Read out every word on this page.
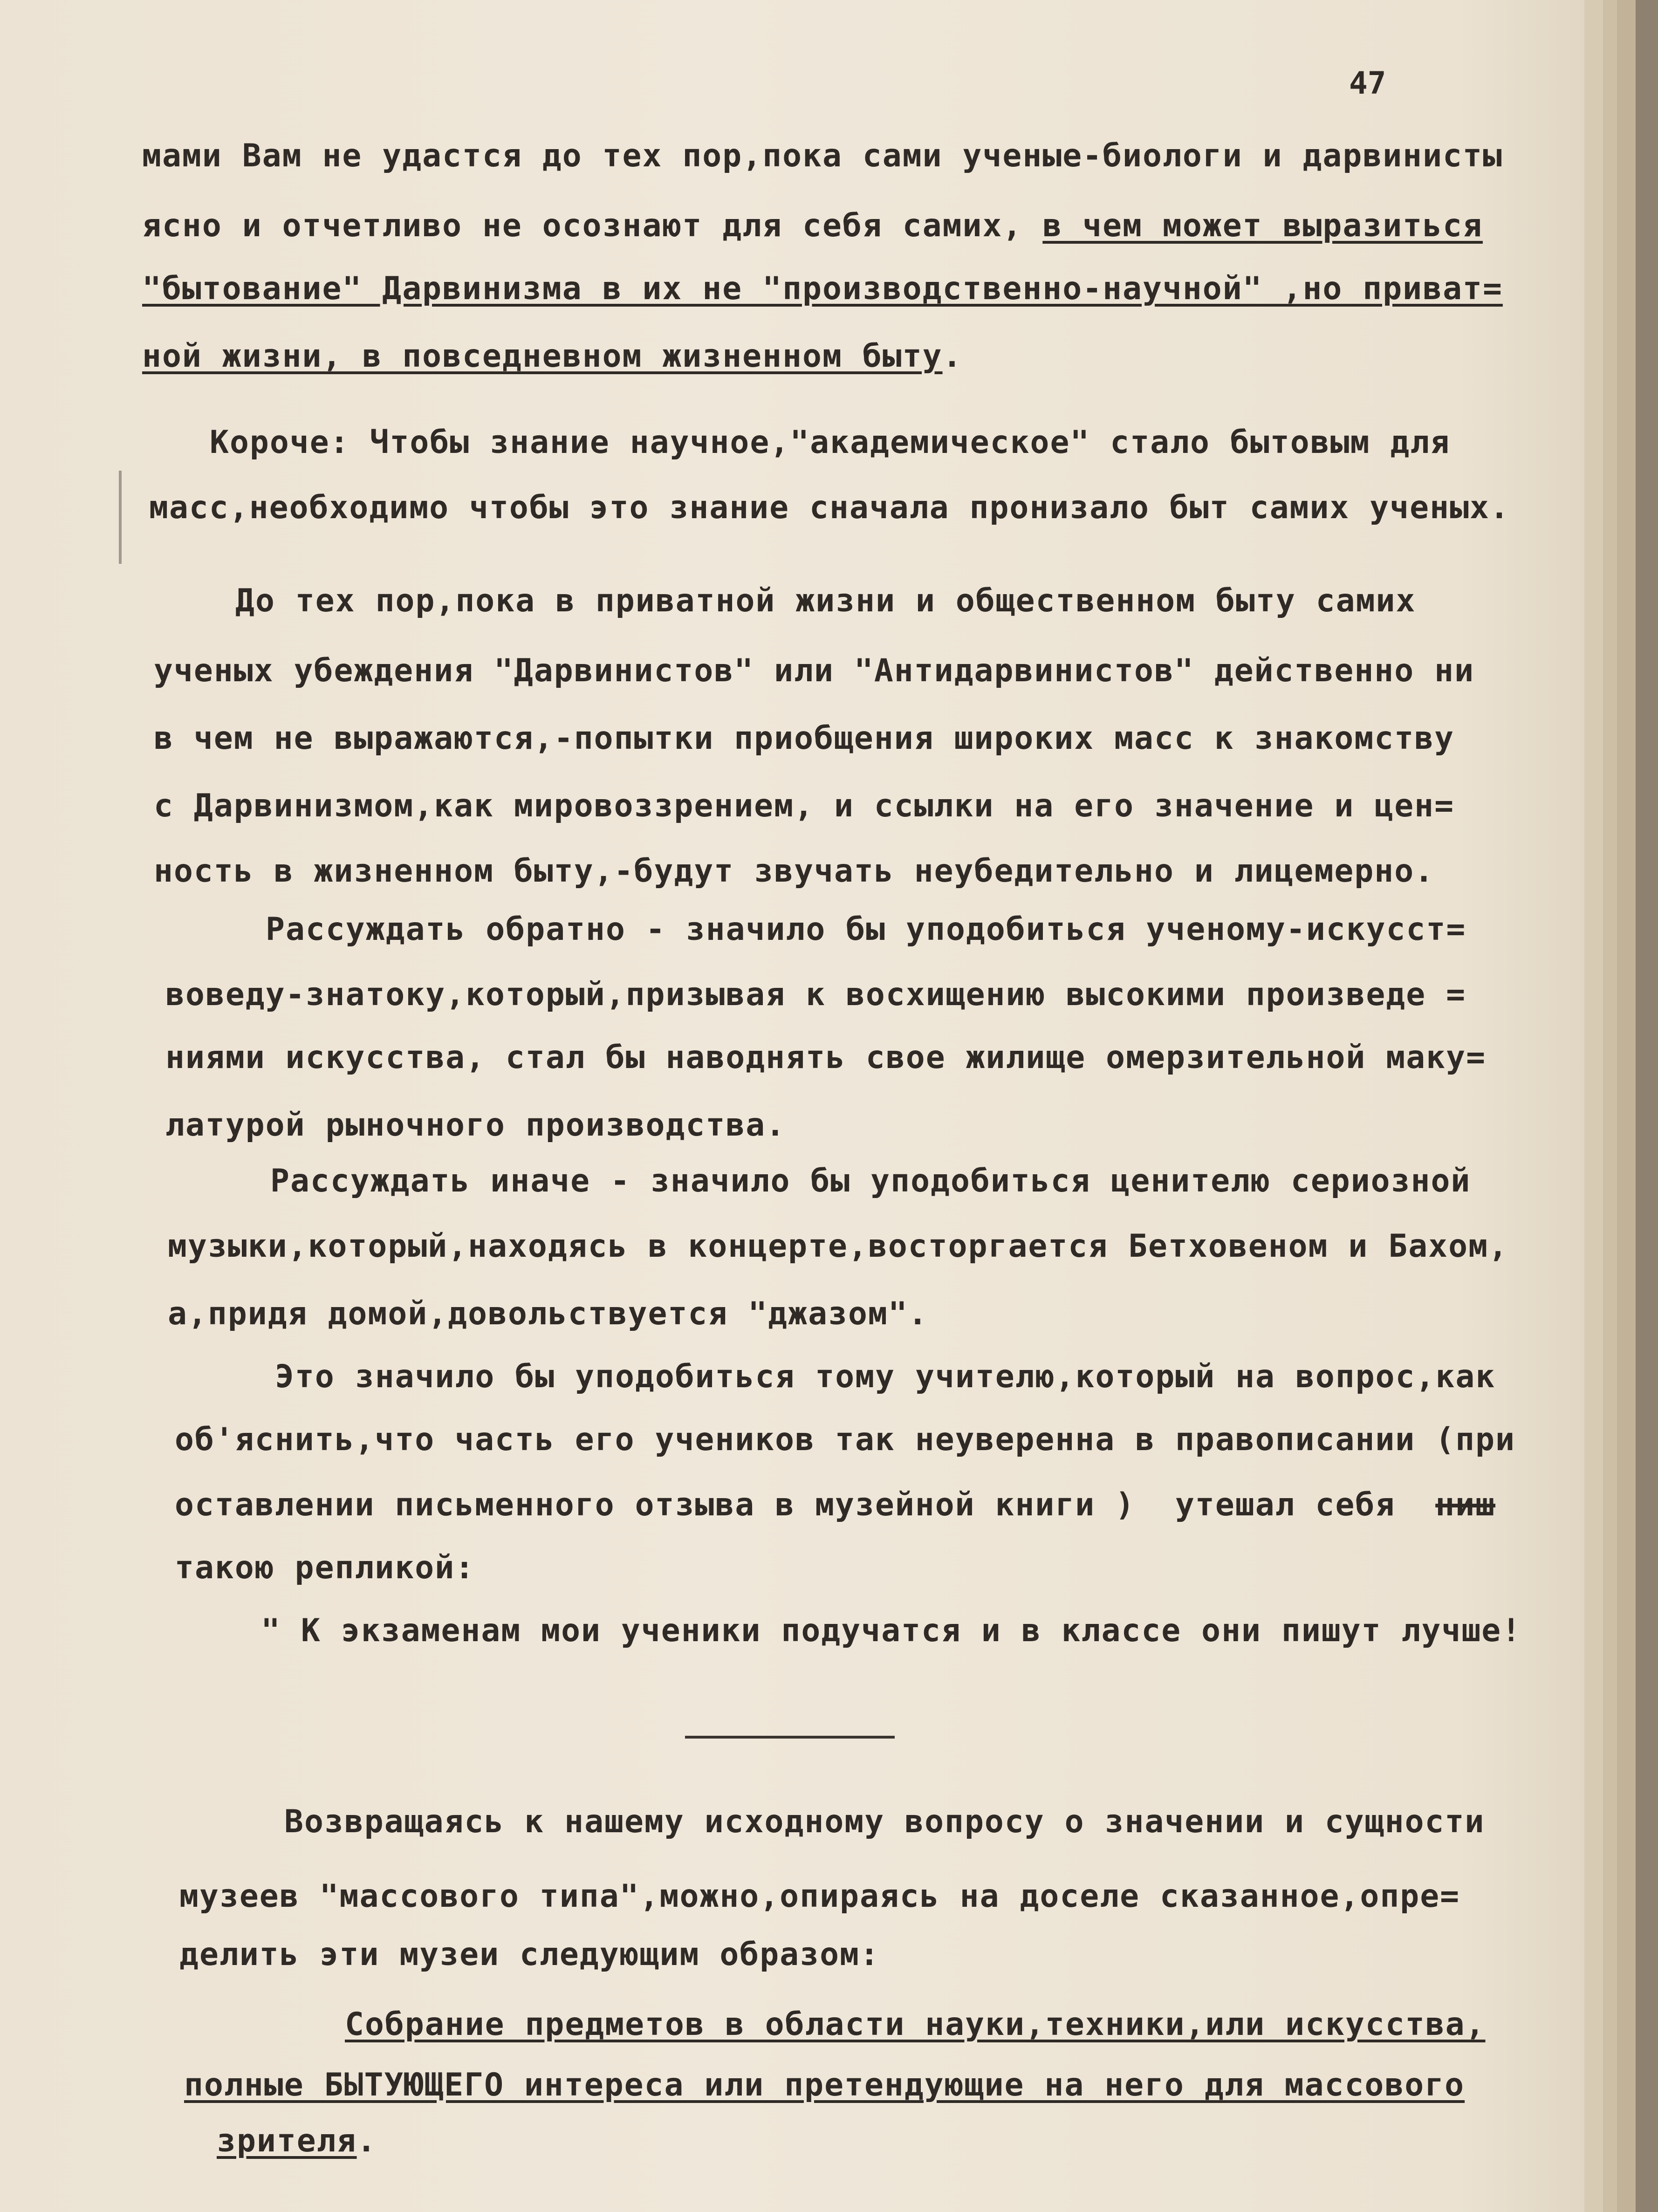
47
мами Вам не удастся до тех пор,пока сами ученые-биологи и дарвинисты
ясно и отчетливо не осознают для себя самих, в чем может выразиться
"бытование" Дарвинизма в их не "производственно-научной" ,но приват=
ной жизни, в повседневном жизненном быту.
Короче: Чтобы знание научное,"академическое" стало бытовым для
масс,необходимо чтобы это знание сначала пронизало быт самих ученых.
До тех пор,пока в приватной жизни и общественном быту самих
ученых убеждения "Дарвинистов" или "Антидарвинистов" действенно ни
в чем не выражаются,-попытки приобщения широких масс к знакомству
с Дарвинизмом,как мировоззрением, и ссылки на его значение и цен=
ность в жизненном быту,-будут звучать неубедительно и лицемерно.
Рассуждать обратно - значило бы уподобиться ученому-искусст=
воведу-знатоку,который,призывая к восхищению высокими произведе =
ниями искусства, стал бы наводнять свое жилище омерзительной маку=
латурой рыночного производства.
Рассуждать иначе - значило бы уподобиться ценителю сериозной
музыки,который,находясь в концерте,восторгается Бетховеном и Бахом,
а,придя домой,довольствуется "джазом".
Это значило бы уподобиться тому учителю,который на вопрос,как
об'яснить,что часть его учеников так неуверенна в правописании (при
оставлении письменного отзыва в музейной книги )  утешал себя  ниш
такою репликой:
" К экзаменам мои ученики подучатся и в классе они пишут лучше!
Возвращаясь к нашему исходному вопросу о значении и сущности
музеев "массового типа",можно,опираясь на доселе сказанное,опре=
делить эти музеи следующим образом:
Собрание предметов в области науки,техники,или искусства,
полные БЫТУЮЩЕГО интереса или претендующие на него для массового
зрителя.
